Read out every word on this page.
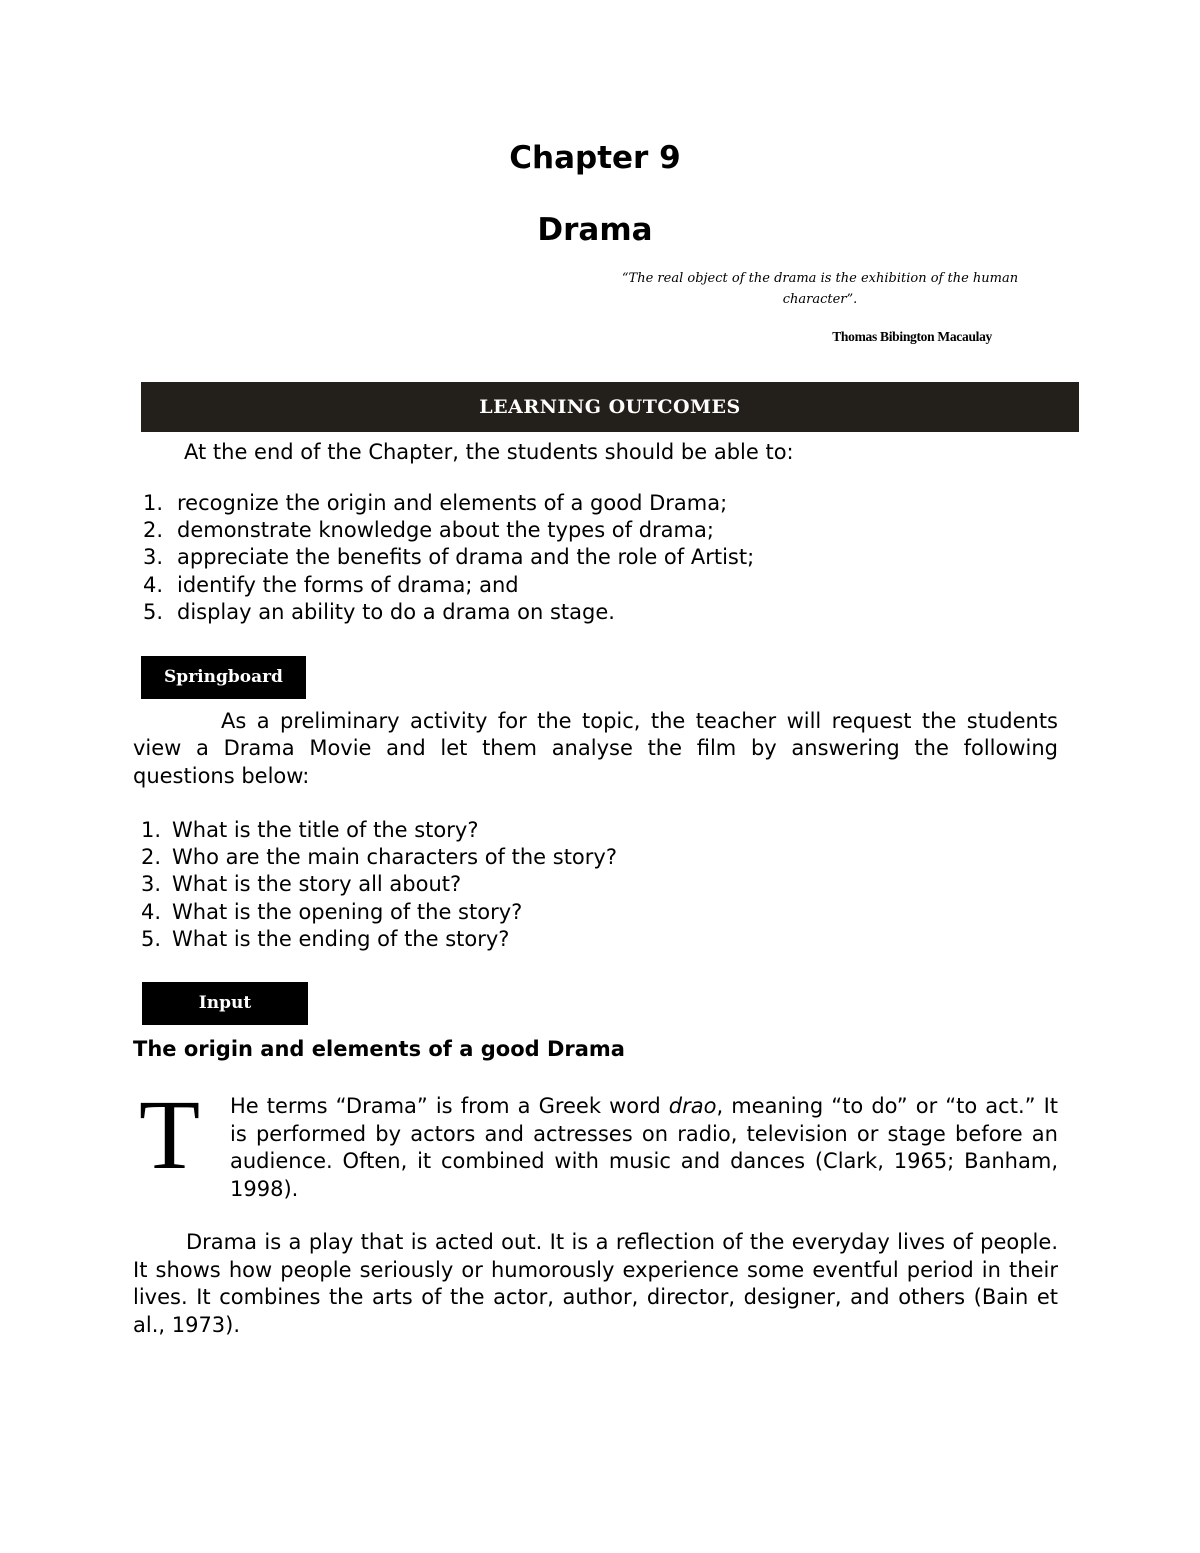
Chapter 9
Drama
“The real object of the drama is the exhibition of the human character”.
Thomas Bibington Macaulay
LEARNING OUTCOMES
At the end of the Chapter, the students should be able to:
1. recognize the origin and elements of a good Drama;
2. demonstrate knowledge about the types of drama;
3. appreciate the benefits of drama and the role of Artist;
4. identify the forms of drama; and
5. display an ability to do a drama on stage.
Springboard

As a preliminary activity for the topic, the teacher will request the students view a Drama Movie and let them analyse the film by answering the following questions below:

1. What is the title of the story?
2. Who are the main characters of the story?
3. What is the story all about?
4. What is the opening of the story?
5. What is the ending of the story?
Input
The origin and elements of a good Drama
T He terms “Drama” is from a Greek word drao, meaning “to do” or “to act.” It is performed by actors and actresses on radio, television or stage before an audience. Often, it combined with music and dances (Clark, 1965; Banham, 1998).

Drama is a play that is acted out. It is a reflection of the everyday lives of people. It shows how people seriously or humorously experience some eventful period in their lives. It combines the arts of the actor, author, director, designer, and others (Bain et al., 1973).
